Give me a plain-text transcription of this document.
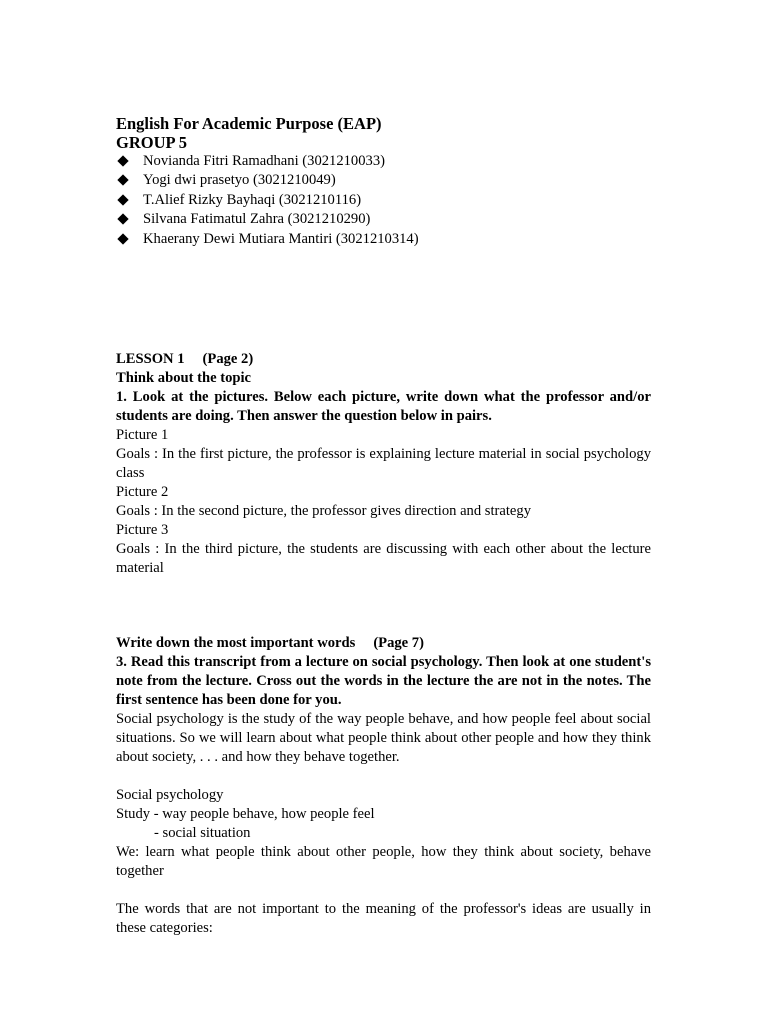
English For Academic Purpose (EAP)
GROUP 5
Novianda Fitri Ramadhani (3021210033)
Yogi dwi prasetyo (3021210049)
T.Alief Rizky Bayhaqi (3021210116)
Silvana Fatimatul Zahra (3021210290)
Khaerany Dewi Mutiara Mantiri (3021210314)
LESSON 1 (Page 2)
Think about the topic
1. Look at the pictures. Below each picture, write down what the professor and/or students are doing. Then answer the question below in pairs.
Picture 1
Goals : In the first picture, the professor is explaining lecture material in social psychology class
Picture 2
Goals : In the second picture, the professor gives direction and strategy
Picture 3
Goals : In the third picture, the students are discussing with each other about the lecture material
Write down the most important words (Page 7)
3. Read this transcript from a lecture on social psychology. Then look at one student's note from the lecture. Cross out the words in the lecture the are not in the notes. The first sentence has been done for you.
Social psychology is the study of the way people behave, and how people feel about social situations. So we will learn about what people think about other people and how they think about society, . . . and how they behave together.
Social psychology
Study - way people behave, how people feel
- social situation
We: learn what people think about other people, how they think about society, behave together
The words that are not important to the meaning of the professor's ideas are usually in these categories:
